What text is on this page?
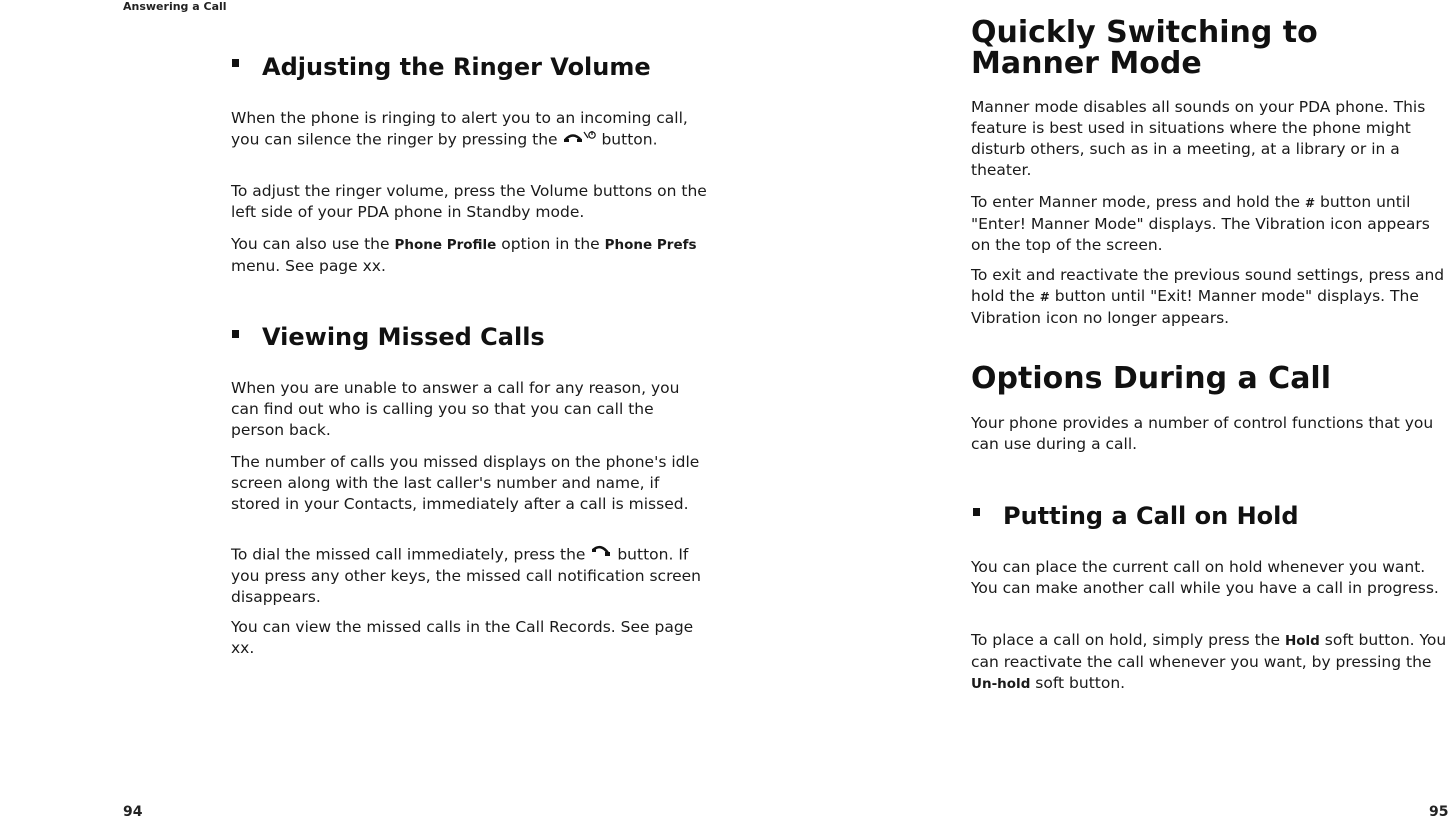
Answering a Call
Adjusting the Ringer Volume

When the phone is ringing to alert you to an incoming call, you can silence the ringer by pressing the	button.

To adjust the ringer volume, press the Volume buttons on the left side of your PDA phone in Standby mode.

You can also use the Phone Profile option in the Phone Prefs menu. See page xx.

Viewing Missed Calls

When you are unable to answer a call for any reason, you can find out who is calling you so that you can call the person back.

The number of calls you missed displays on the phone's idle screen along with the last caller's number and name, if stored in your Contacts, immediately after a call is missed.

To dial the missed call immediately, press the button. If you press any other keys, the missed call notification screen disappears.

You can view the missed calls in the Call Records. See page xx.

94
Quickly Switching to Manner Mode

Manner mode disables all sounds on your PDA phone. This feature is best used in situations where the phone might disturb others, such as in a meeting, at a library or in a theater.

To enter Manner mode, press and hold the # button until "Enter! Manner Mode" displays. The Vibration icon appears on the top of the screen.

To exit and reactivate the previous sound settings, press and hold the # button until "Exit! Manner mode" displays. The Vibration icon no longer appears.

Options During a Call

Your phone provides a number of control functions that you can use during a call.

Putting a Call on Hold

You can place the current call on hold whenever you want. You can make another call while you have a call in progress.

To place a call on hold, simply press the Hold soft button. You can reactivate the call whenever you want, by pressing the Un-hold soft button.

95
